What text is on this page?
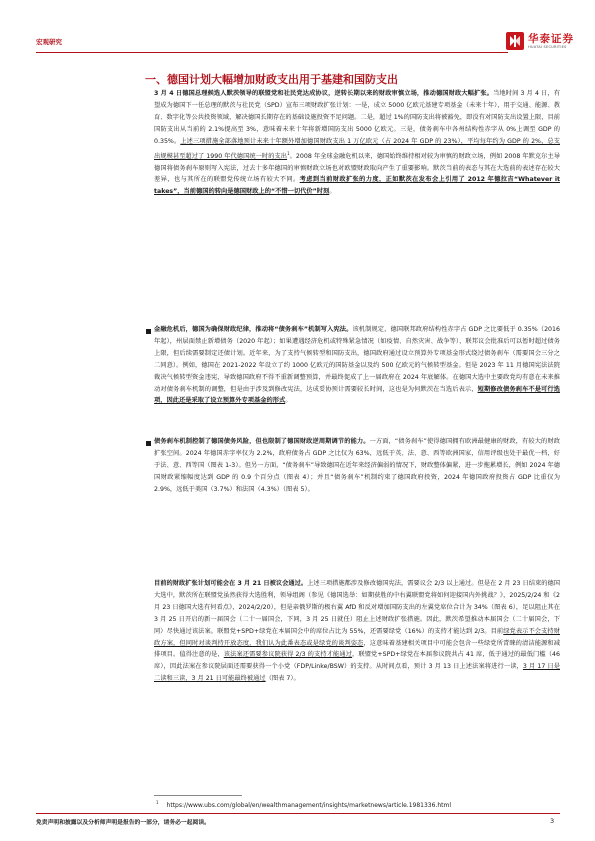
宏观研究	华泰证券
HUATAI SECURITIES
一、德国计划大幅增加财政支出用于基建和国防支出
3 月 4 日德国总理候选人默茨领导的联盟党和社民党达成协议，逆转长期以来的财政审慎立场，推动德国财政大幅扩张。当地时间 3 月 4 日，有望成为德国下一任总理的默茨与社民党（SPD）宣布三项财政扩张计划：一是，成立 5000 亿欧元基建专项基金（未来十年），用于交通、能源、教育、数字化等公共投资领域，解决德国长期存在的基础设施投资不足问题。二是，超过 1%的国防支出将被豁免，即没有对国防支出设置上限，目前国防支出从当前的 2.1%提高至 3%，意味着未来十年将新增国防支出 5000 亿欧元。三是，债务刹车中各州结构性赤字从 0%上调至 GDP 的 0.35%。上述三项措施全部落地预计未来十年额外增加德国财政支出 1 万亿欧元（占 2024 年 GDP 的 23%），平均每年约为 GDP 的 2%，总支出规模甚至超过了 1990 年代德国统一时的支出$^1$。2008 年全球金融危机以来，德国始终维持相对较为审慎的财政立场，例如 2008 年默克尔主导德国将债务刹车原则写入宪法，过去十多年德国的审慎财政立场也对欧盟财政取向产生了重要影响。默茨当前的表态与其在大选前的表述存在较大差异，也与其所在的联盟党传统立场有较大不同。考虑到当前财政扩张的力度，正如默茨在发布会上引用了 2012 年德拉吉“Whatever it takes”，当前德国的转向是德国财政上的“不惜一切代价”时刻。
金融危机后，德国为确保财政纪律，推动将“债务刹车”机制写入宪法。该机制规定，德国联邦政府结构性赤字占 GDP 之比要低于 0.35%（2016 年起），州层面禁止新增债务（2020 年起）；如果遭遇经济危机或特殊紧急情况（如疫情、自然灾害、战争等），联邦议会批准后可以暂时超过债务上限，但后续需要制定还债计划。近年来，为了支持气候转型和国防支出，德国政府通过设立预算外专项基金形式绕过债务刹车（需要国会三分之二同意）。例如，德国在 2021-2022 年设立了约 1000 亿欧元的国防基金以及约 500 亿欧元的气候转型基金。但是 2023 年 11 月德国宪法法院裁决气候转型资金违宪，导致德国政府不得不重新调整预算，并最终促成了上一届政府在 2024 年底解体。在德国大选中主要政党均有意在未来推动对债务刹车机制的调整，但是由于涉及到修改宪法，达成妥协预计需要较长时间，这也是为何默茨在当选后表示，短期修改债务刹车不是可行选项，因此还是采取了设立预算外专项基金的形式。
债务刹车机制控制了德国债务风险，但也限制了德国财政逆周期调节的能力。一方面，“债务刹车”使得德国拥有欧洲最健康的财政，有较大的财政扩张空间。2024 年德国赤字率仅为 2.2%，政府债务占 GDP 之比仅为 63%，远低于英、法、意、西等欧洲国家，信用评级也处于最优一档，好于法、意、西等国（图表 1-3）。但另一方面，“债务刹车”导致德国在近年来经济偏弱的情况下，财政整体偏紧，进一步拖累增长，例如 2024 年德国财政紧缩幅度达到 GDP 的 0.9 个百分点（图表 4）；并且“债务刹车”机制约束了德国政府投资，2024 年德国政府投资占 GDP 比重仅为 2.9%，远低于美国（3.7%）和法国（4.3%）（图表 5）。
目前的财政扩张计划可能会在 3 月 21 日被议会通过。上述三项措施都涉及修改德国宪法，需要议会 2/3 以上通过。但是在 2 月 23 日结束的德国大选中，默茨所在联盟党虽然获得大选胜利，领导组阁（参见《德国选举：如期获胜的中右翼联盟党将如何迎接国内外挑战？》，2025/2/24 和《2 月 23 日德国大选有何看点》，2024/2/20），但是亲俄罗斯的极右翼 AfD 和反对增加国防支出的左翼党席位合计为 34%（图表 6），足以阻止其在 3 月 25 日开启的新一届国会（二十一届国会，下同，3 月 25 日就任）阻止上述财政扩张措施。因此，默茨希望推动本届国会（二十届国会，下同）尽快通过该法案。联盟党+SPD+绿党在本届国会中的席位占比为 55%，还需要绿党（16%）的支持才能达到 2/3。目前绿党表示不会支持财政方案，但同时对谈判持开放态度，我们认为此番表态或是绿党的谈判姿态，这意味着基建相关项目中可能会包含一些绿党所青睐的清洁能源和减排项目。值得注意的是，该法案还需要参议院获得 2/3 的支持才能通过，联盟党+SPD+绿党在本届参议院共占 41 席，低于通过的最低门槛（46 席），因此法案在参议院层面还需要获得一个小党（FDP/Linke/BSW）的支持。从时间点看，预计 3 月 13 日上述法案将进行一读，3 月 17 日是二读和三读，3 月 21 日可能最终被通过（图表 7）。
$^1$ https://www.ubs.com/global/en/wealthmanagement/insights/marketnews/article.1981336.html
免责声明和披露以及分析师声明是报告的一部分，请务必一起阅读。	3
